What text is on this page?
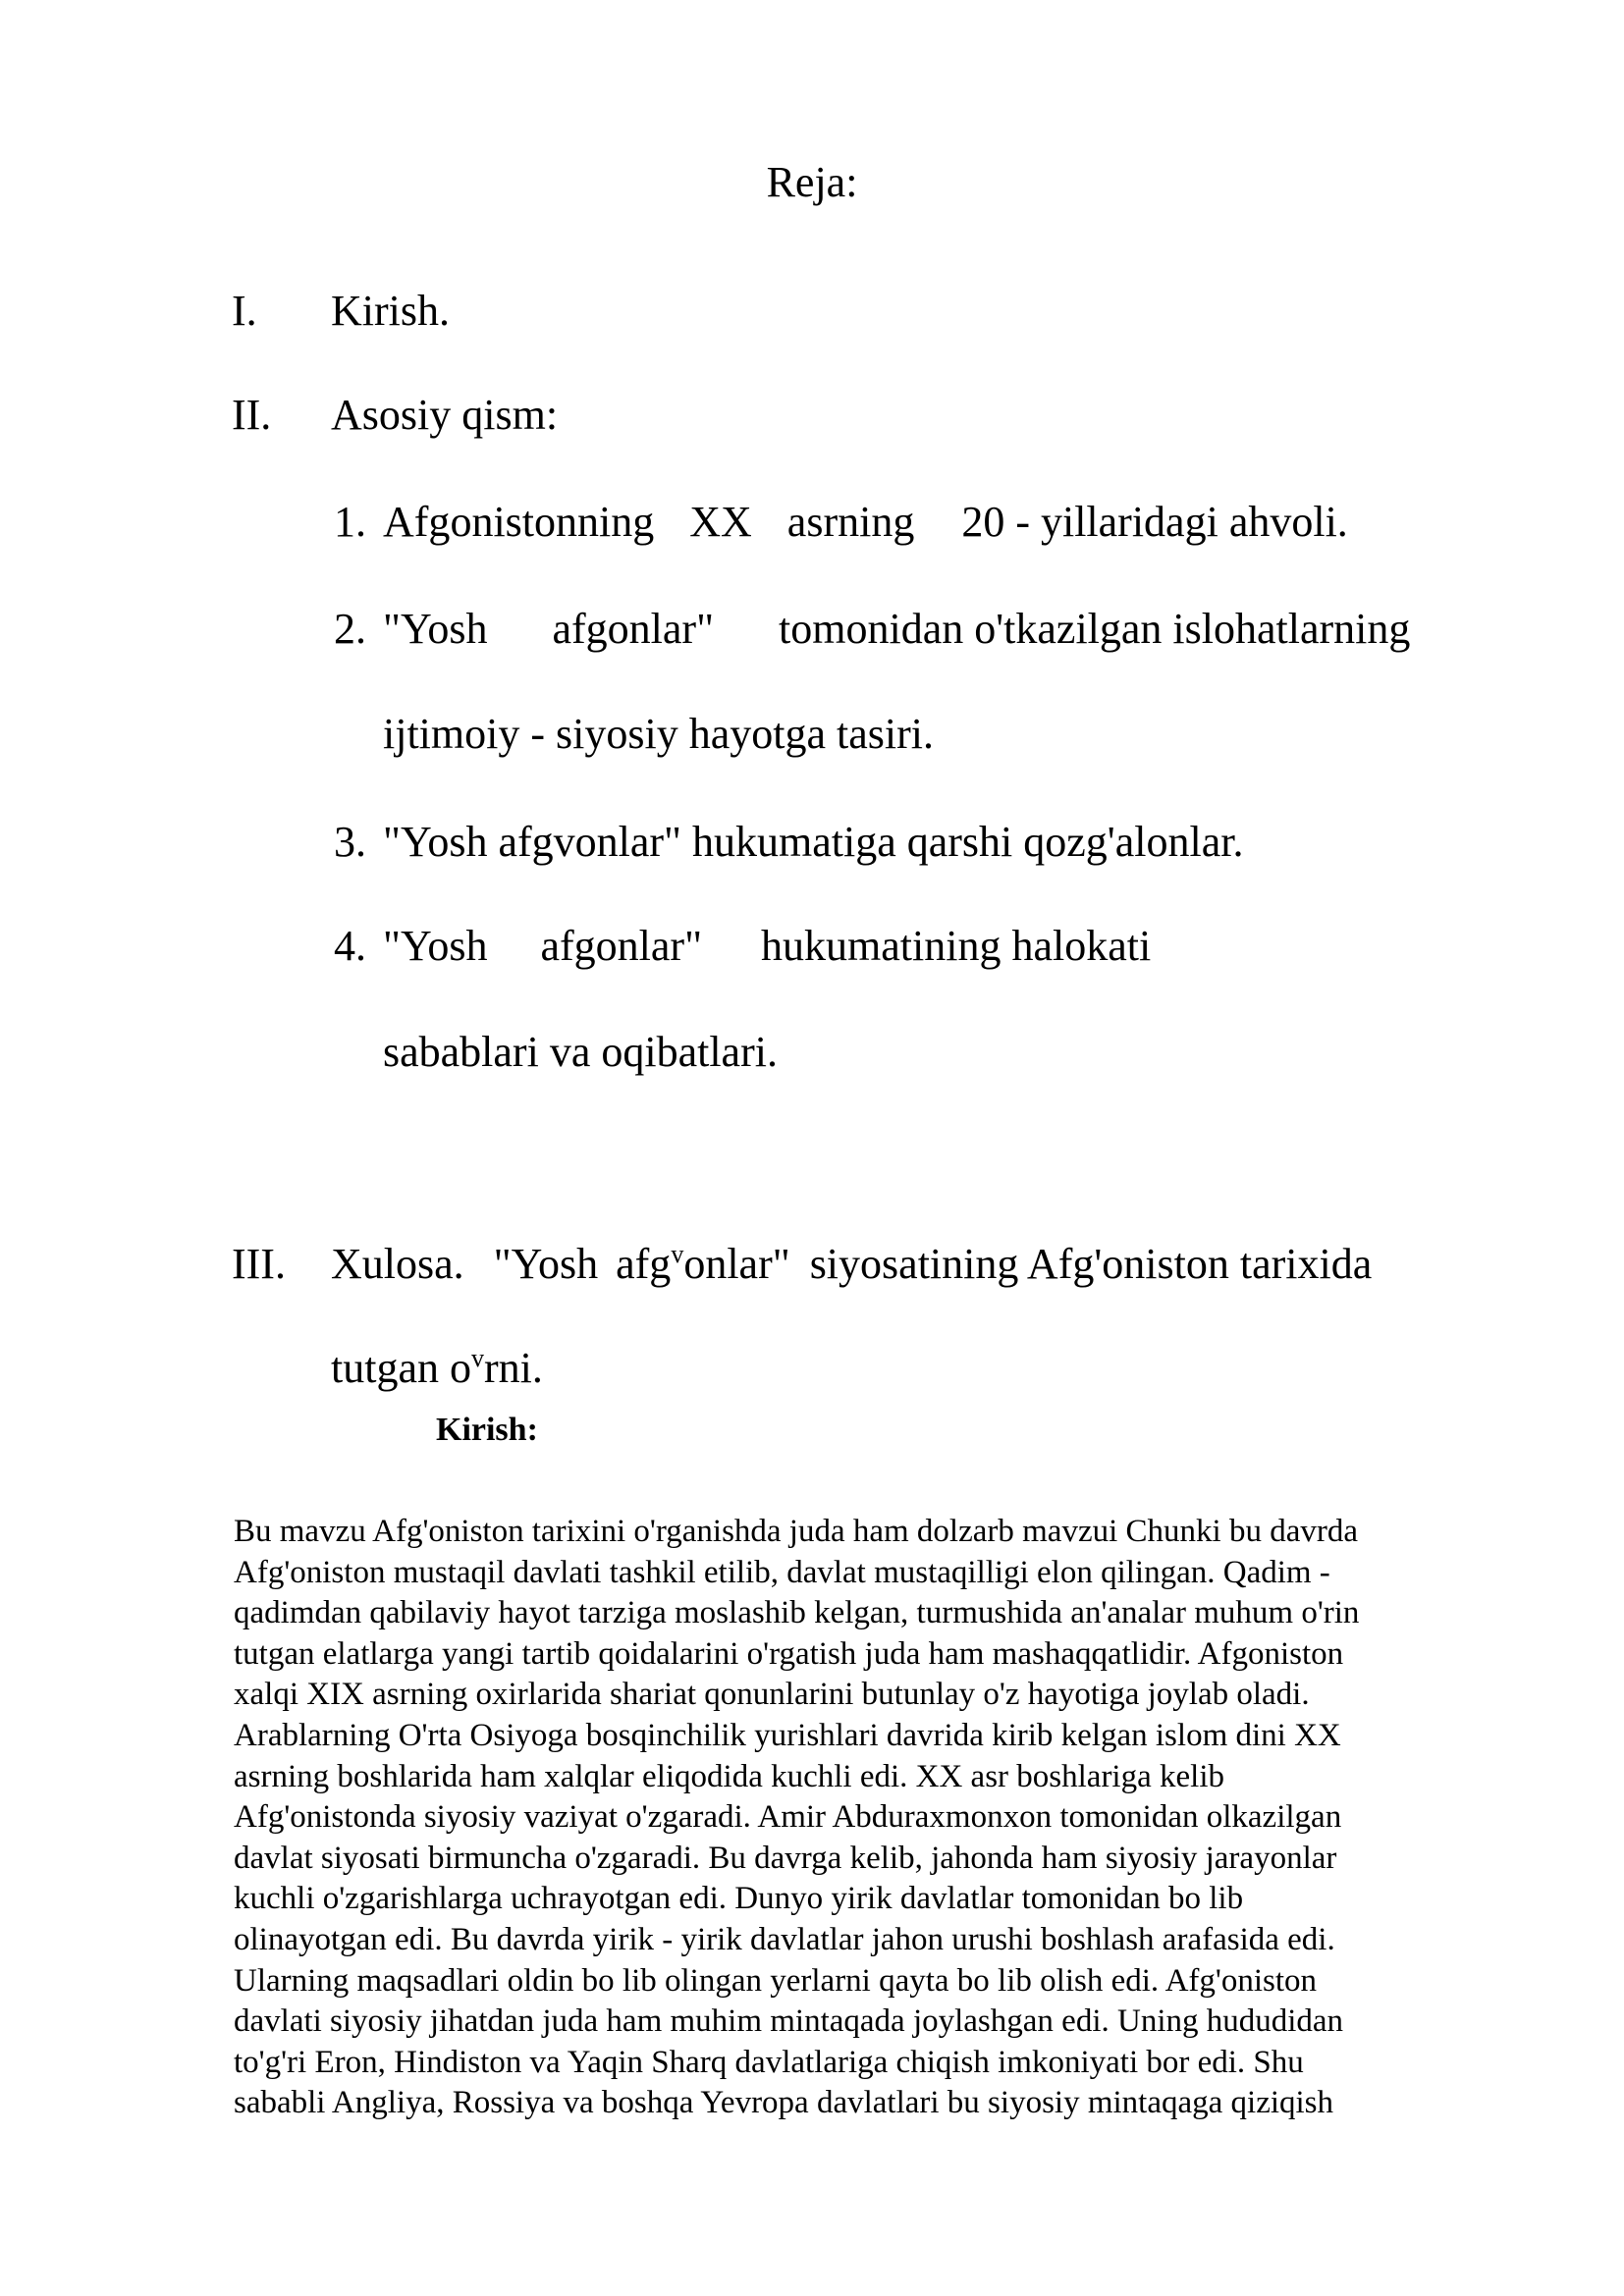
Reja:
I. Kirish.
II. Asosiy qism:
1. Afgonistonning XX asrning 20 - yillaridagi ahvoli.
2. "Yosh afgonlar" tomonidan o'tkazilgan islohatlarning
ijtimoiy - siyosiy hayotga tasiri.
3. "Yosh afgvonlar" hukumatiga qarshi qozg'alonlar.
4. "Yosh afgonlar" hukumatining halokati
sabablari va oqibatlari.
III. Xulosa. "Yosh afg$^v$onlar" siyosatining Afg'oniston tarixida
tutgan $o^vrni$.
Kirish:

Bu mavzu Afg'oniston tarixini o'rganishda juda ham dolzarb mavzui Chunki bu davrda
Afg'oniston mustaqil davlati tashkil etilib, davlat mustaqilligi elon qilingan. Qadim -
qadimdan qabilaviy hayot tarziga moslashib kelgan, turmushida an'analar muhum o'rin
tutgan elatlarga yangi tartib qoidalarini o'rgatish juda ham mashaqqatlidir. Afgoniston
xalqi XIX asrning oxirlarida shariat qonunlarini butunlay o'z hayotiga joylab oladi.
Arablarning O'rta Osiyoga bosqinchilik yurishlari davrida kirib kelgan islom dini XX
asrning boshlarida ham xalqlar eliqodida kuchli edi. XX asr boshlariga kelib
Afg'onistonda siyosiy vaziyat o'zgaradi. Amir Abduraxmonxon tomonidan olkazilgan
davlat siyosati birmuncha o'zgaradi. Bu davrga kelib, jahonda ham siyosiy jarayonlar
kuchli o'zgarishlarga uchrayotgan edi. Dunyo yirik davlatlar tomonidan bo lib
olinayotgan edi. Bu davrda yirik - yirik davlatlar jahon urushi boshlash arafasida edi.
Ularning maqsadlari oldin bo lib olingan yerlarni qayta bo lib olish edi. Afg'oniston
davlati siyosiy jihatdan juda ham muhim mintaqada joylashgan edi. Uning hududidan
to'g'ri Eron, Hindiston va Yaqin Sharq davlatlariga chiqish imkoniyati bor edi. Shu
sababli Angliya, Rossiya va boshqa Yevropa davlatlari bu siyosiy mintaqaga qiziqish
